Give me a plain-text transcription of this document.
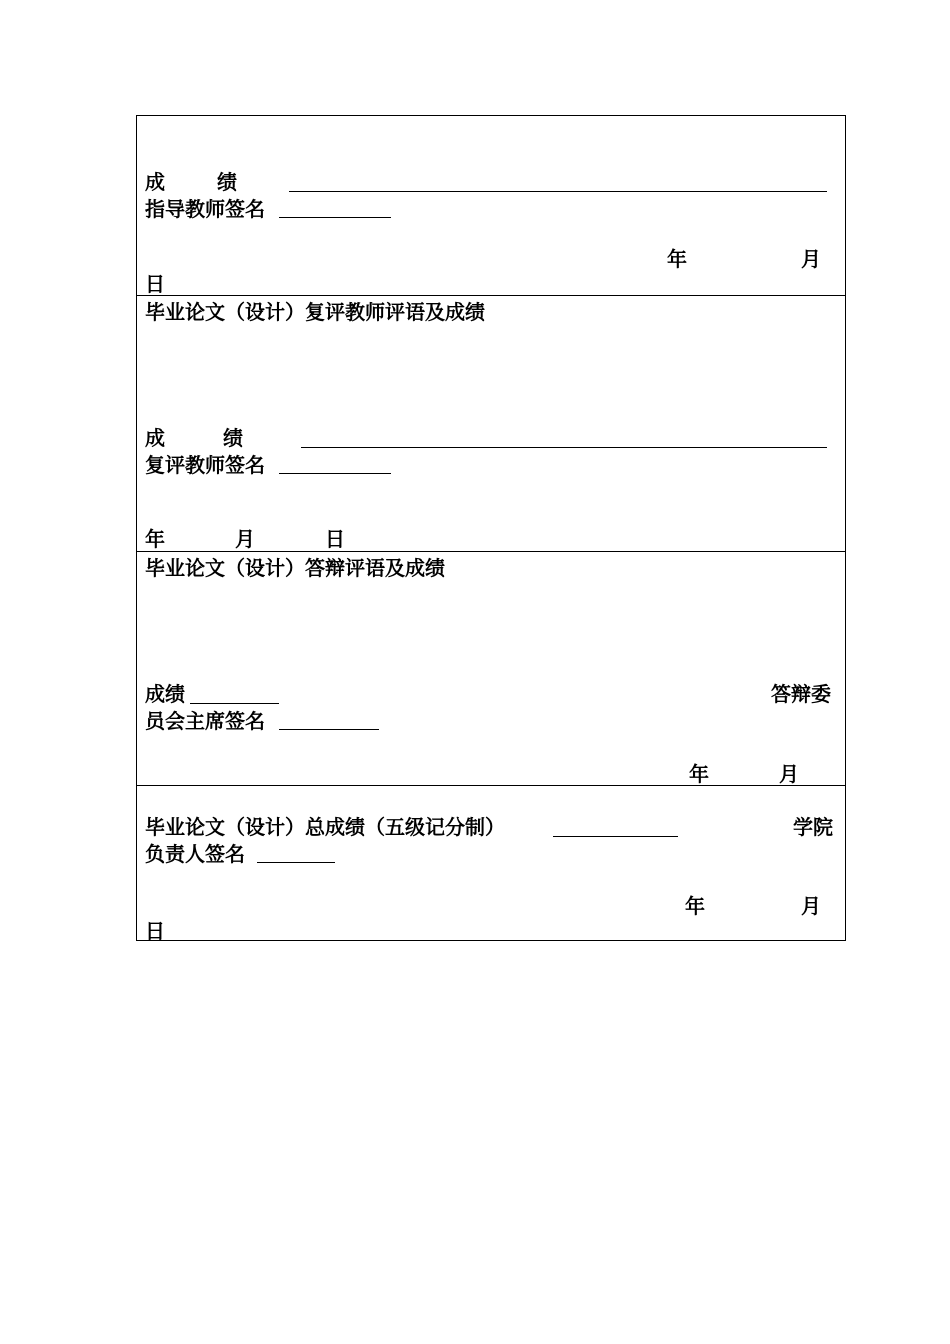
成	绩
指导教师签名
年	月
日
毕业论文（设计）复评教师评语及成绩
成	绩
复评教师签名
年	月	日
毕业论文（设计）答辩评语及成绩
成绩	答辩委
员会主席签名
年	月
毕业论文（设计）总成绩（五级记分制）	学院
负责人签名
年	月
日
